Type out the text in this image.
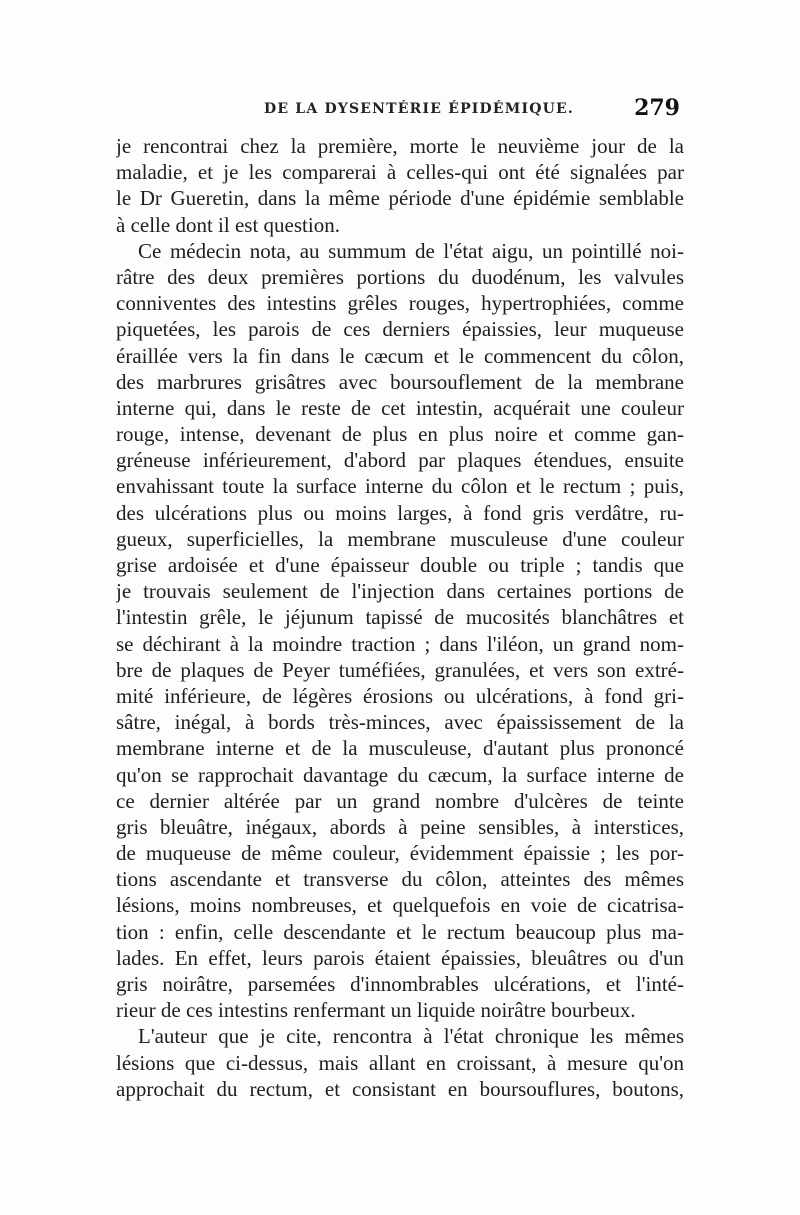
DE LA DYSENTÉRIE ÉPIDÉMIQUE.	279
je rencontrai chez la première, morte le neuvième jour de la
maladie, et je les comparerai à celles-qui ont été signalées par
le Dr Gueretin, dans la même période d'une épidémie semblable
à celle dont il est question.
Ce médecin nota, au summum de l'état aigu, un pointillé noi-
râtre des deux premières portions du duodénum, les valvules
conniventes des intestins grêles rouges, hypertrophiées, comme
piquetées, les parois de ces derniers épaissies, leur muqueuse
éraillée vers la fin dans le cæcum et le commencent du côlon,
des marbrures grisâtres avec boursouflement de la membrane
interne qui, dans le reste de cet intestin, acquérait une couleur
rouge, intense, devenant de plus en plus noire et comme gan-
gréneuse inférieurement, d'abord par plaques étendues, ensuite
envahissant toute la surface interne du côlon et le rectum ; puis,
des ulcérations plus ou moins larges, à fond gris verdâtre, ru-
gueux, superficielles, la membrane musculeuse d'une couleur
grise ardoisée et d'une épaisseur double ou triple ; tandis que
je trouvais seulement de l'injection dans certaines portions de
l'intestin grêle, le jéjunum tapissé de mucosités blanchâtres et
se déchirant à la moindre traction ; dans l'iléon, un grand nom-
bre de plaques de Peyer tuméfiées, granulées, et vers son extré-
mité inférieure, de légères érosions ou ulcérations, à fond gri-
sâtre, inégal, à bords très-minces, avec épaississement de la
membrane interne et de la musculeuse, d'autant plus prononcé
qu'on se rapprochait davantage du cæcum, la surface interne de
ce dernier altérée par un grand nombre d'ulcères de teinte
gris bleuâtre, inégaux, abords à peine sensibles, à interstices,
de muqueuse de même couleur, évidemment épaissie ; les por-
tions ascendante et transverse du côlon, atteintes des mêmes
lésions, moins nombreuses, et quelquefois en voie de cicatrisa-
tion : enfin, celle descendante et le rectum beaucoup plus ma-
lades. En effet, leurs parois étaient épaissies, bleuâtres ou d'un
gris noirâtre, parsemées d'innombrables ulcérations, et l'inté-
rieur de ces intestins renfermant un liquide noirâtre bourbeux.
L'auteur que je cite, rencontra à l'état chronique les mêmes
lésions que ci-dessus, mais allant en croissant, à mesure qu'on
approchait du rectum, et consistant en boursouflures, boutons,
